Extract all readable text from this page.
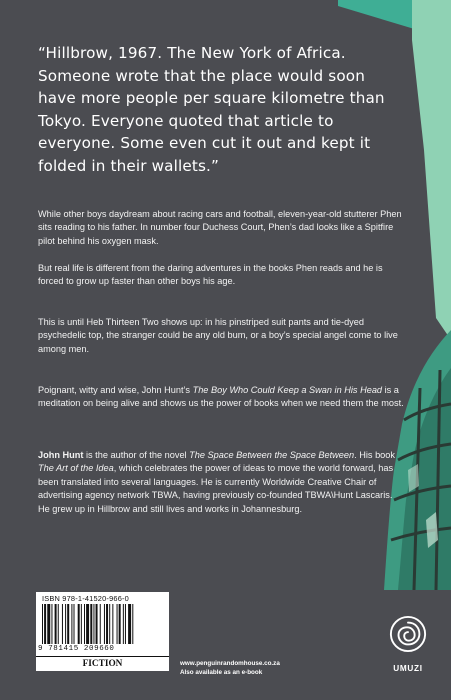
“Hillbrow, 1967. The New York of Africa. Someone wrote that the place would soon have more people per square kilometre than Tokyo. Everyone quoted that article to everyone. Some even cut it out and kept it folded in their wallets.”

While other boys daydream about racing cars and football, eleven-year-old stutterer Phen sits reading to his father. In number four Duchess Court, Phen’s dad looks like a Spitfire pilot behind his oxygen mask.

But real life is different from the daring adventures in the books Phen reads and he is forced to grow up faster than other boys his age.

This is until Heb Thirteen Two shows up: in his pinstriped suit pants and tie-dyed psychedelic top, the stranger could be any old bum, or a boy’s special angel come to live among men.

Poignant, witty and wise, John Hunt’s The Boy Who Could Keep a Swan in His Head is a meditation on being alive and shows us the power of books when we need them the most.

John Hunt is the author of the novel The Space Between the Space Between. His book The Art of the Idea, which celebrates the power of ideas to move the world forward, has been translated into several languages. He is currently Worldwide Creative Chair of advertising agency network TBWA, having previously co-founded TBWA\Hunt Lascaris. He grew up in Hillbrow and still lives and works in Johannesburg.

ISBN 978-1-41520-966-0
9 781415 209660
FICTION	www.penguinrandomhouse.co.za
Also available as an e-book	UMUZI
